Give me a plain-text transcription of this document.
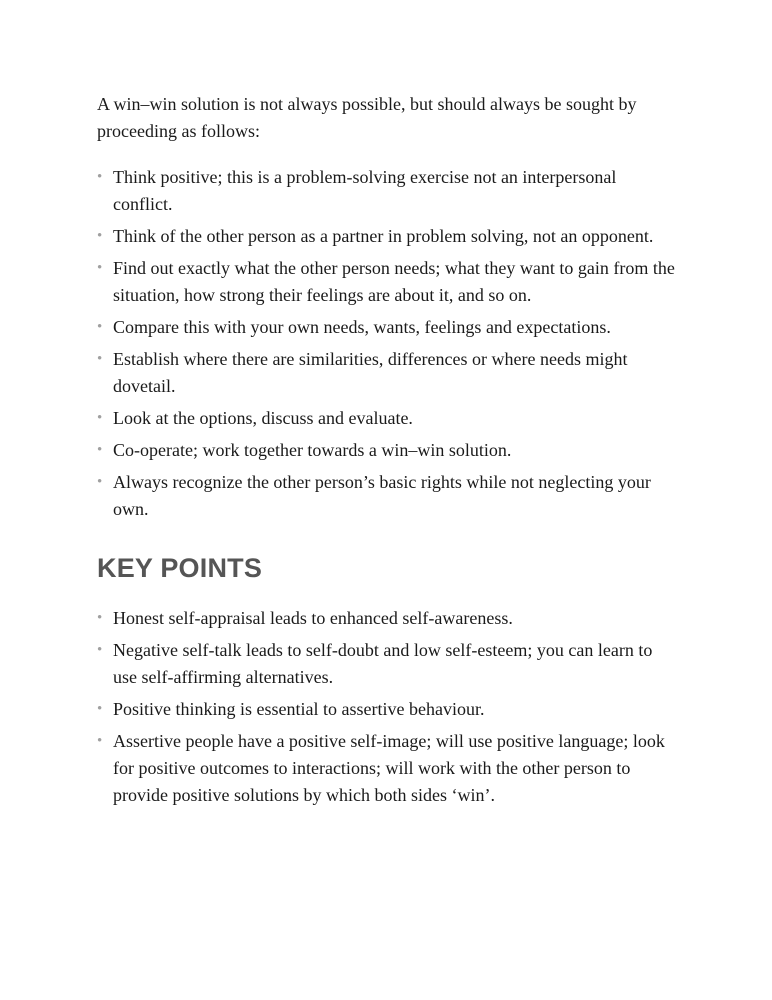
A win–win solution is not always possible, but should always be sought by proceeding as follows:

• Think positive; this is a problem-solving exercise not an interpersonal conflict.
• Think of the other person as a partner in problem solving, not an opponent.
• Find out exactly what the other person needs; what they want to gain from the situation, how strong their feelings are about it, and so on.
• Compare this with your own needs, wants, feelings and expectations.
• Establish where there are similarities, differences or where needs might dovetail.
• Look at the options, discuss and evaluate.
• Co-operate; work together towards a win–win solution.
• Always recognize the other person’s basic rights while not neglecting your own.
KEY POINTS
• Honest self-appraisal leads to enhanced self-awareness.
• Negative self-talk leads to self-doubt and low self-esteem; you can learn to use self-affirming alternatives.
• Positive thinking is essential to assertive behaviour.
• Assertive people have a positive self-image; will use positive language; look for positive outcomes to interactions; will work with the other person to provide positive solutions by which both sides ‘win’.
